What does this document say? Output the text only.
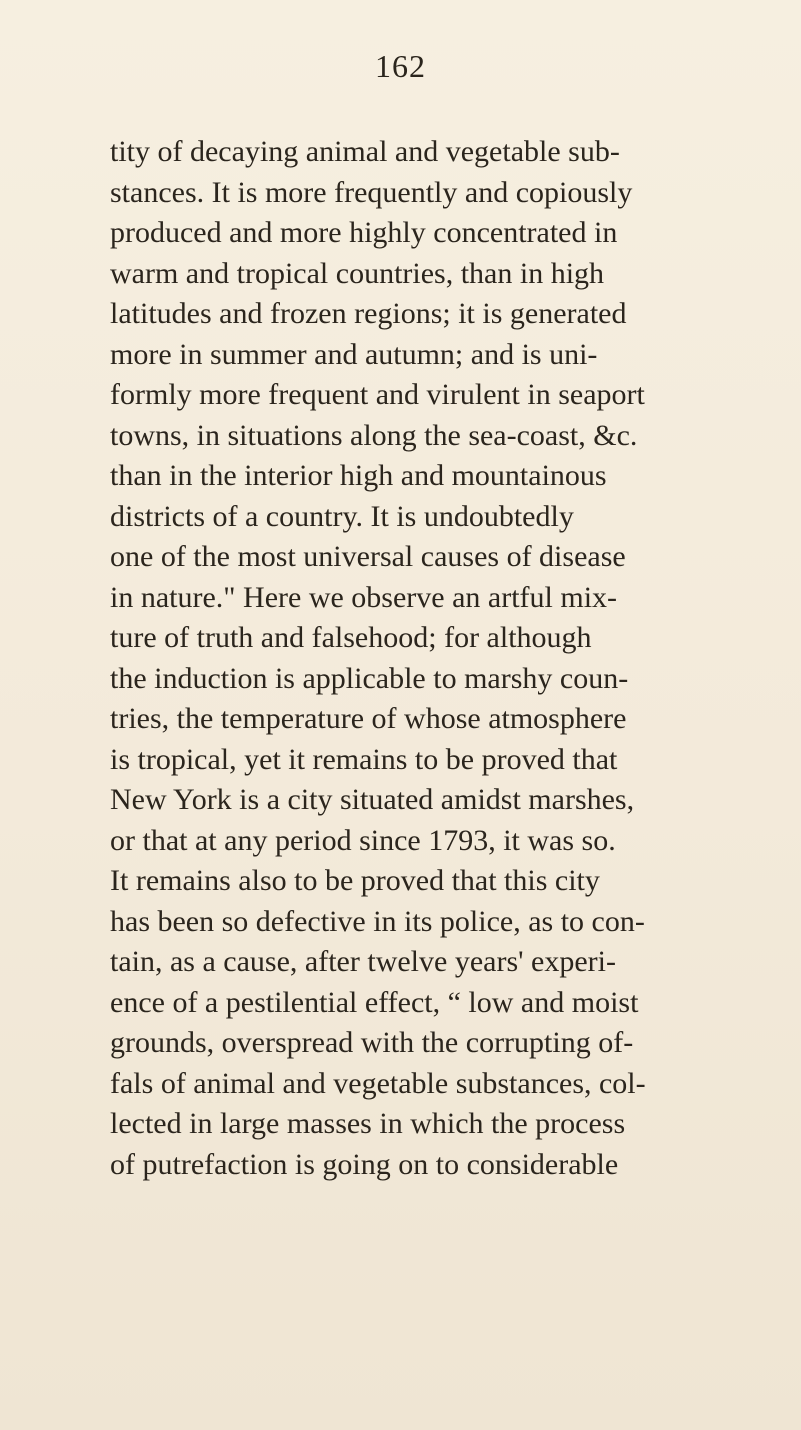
162
tity of decaying animal and vegetable sub-
stances. It is more frequently and copiously
produced and more highly concentrated in
warm and tropical countries, than in high
latitudes and frozen regions; it is generated
more in summer and autumn; and is uni-
formly more frequent and virulent in seaport
towns, in situations along the sea-coast, &c.
than in the interior high and mountainous
districts of a country. It is undoubtedly
one of the most universal causes of disease
in nature." Here we observe an artful mix-
ture of truth and falsehood; for although
the induction is applicable to marshy coun-
tries, the temperature of whose atmosphere
is tropical, yet it remains to be proved that
New York is a city situated amidst marshes,
or that at any period since 1793, it was so.
It remains also to be proved that this city
has been so defective in its police, as to con-
tain, as a cause, after twelve years' experi-
ence of a pestilential effect, “ low and moist
grounds, overspread with the corrupting of-
fals of animal and vegetable substances, col-
lected in large masses in which the process
of putrefaction is going on to considerable
